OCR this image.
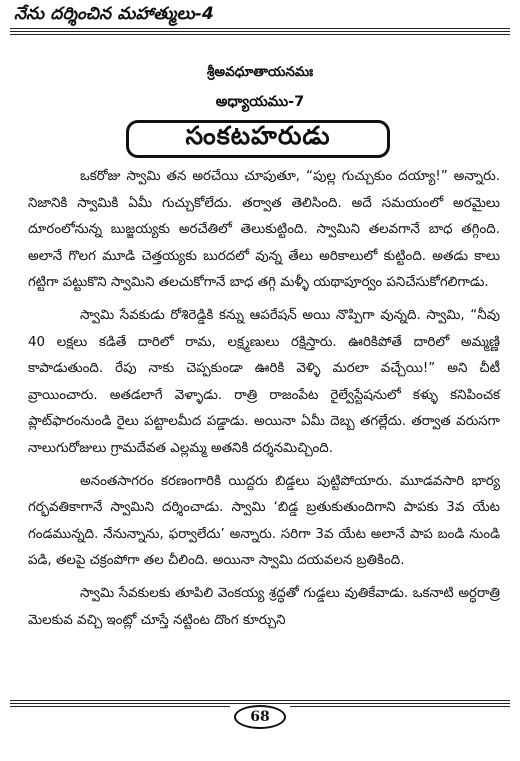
నేను దర్శించిన మహాత్ములు-4
శ్రీఅవధూతాయనమః
అధ్యాయము-7
సంకటహరుడు

ఒకరోజు స్వామి తన అరచేయి చూపుతూ, “పుల్ల గుచ్చుకుం దయ్యా!” అన్నారు. నిజానికి స్వామికి ఏమీ గుచ్చుకోలేదు. తర్వాత తెలిసింది. అదే సమయంలో అరమైలు దూరంలోనున్న బుజ్జయ్యకు అరచేతిలో తెలుకుట్టింది. స్వామిని తలవగానే బాధ తగ్గింది. అలానే గొలగ మూడి చెత్తయ్యకు బురదలో వున్న తేలు అరికాలులో కుట్టింది. అతడు కాలు గట్టిగా పట్టుకొని స్వామిని తలచుకోగానే బాధ తగ్గి మళ్ళీ యథాపూర్వం పనిచేసుకోగలిగాడు.

స్వామి సేవకుడు రోశిరెడ్డికి కన్ను ఆపరేషన్ అయి నొప్పిగా వున్నది. స్వామి, “నీవు 40 లక్షలు కడితే దారిలో రామ, లక్ష్మణులు రక్షిస్తారు. ఊరికిపోతే దారిలో అమ్మణ్ణి కాపాడుతుంది. రేపు నాకు చెప్పకుండా ఊరికి వెళ్ళి మరలా వచ్చేయి!” అని చీటీ వ్రాయించారు. అతడలాగే వెళ్ళాడు. రాత్రి రాజంపేట రైల్వేస్టేషనులో కళ్ళు కనిపించక ప్లాట్‌ఫారంనుండి రైలు పట్టాలమీద పడ్డాడు. అయినా ఏమీ దెబ్బ తగల్లేదు. తర్వాత వరుసగా నాలుగురోజులు గ్రామదేవత ఎల్లమ్మ అతనికి దర్శనమిచ్చింది.

అనంతసాగరం కరణంగారికి యిద్దరు బిడ్డలు పుట్టిపోయారు. మూడవసారి భార్య గర్భవతికాగానే స్వామిని దర్శించాడు. స్వామి ‘బిడ్డ బ్రతుకుతుందిగాని పాపకు 3వ యేట గండమున్నది. నేనున్నాను, ఫర్వాలేదు’ అన్నారు. సరిగా 3వ యేట అలానే పాప బండి నుండి పడి, తలపై చక్రంపోగా తల చీలింది. అయినా స్వామి దయవలన బ్రతికింది.

స్వామి సేవకులకు తూపిలి వెంకయ్య శ్రద్ధతో గుడ్డలు వుతికేవాడు. ఒకనాటి అర్ధరాత్రి మెలకువ వచ్చి ఇంట్లో చూస్తే నట్టింట దొంగ కూర్చుని

68
